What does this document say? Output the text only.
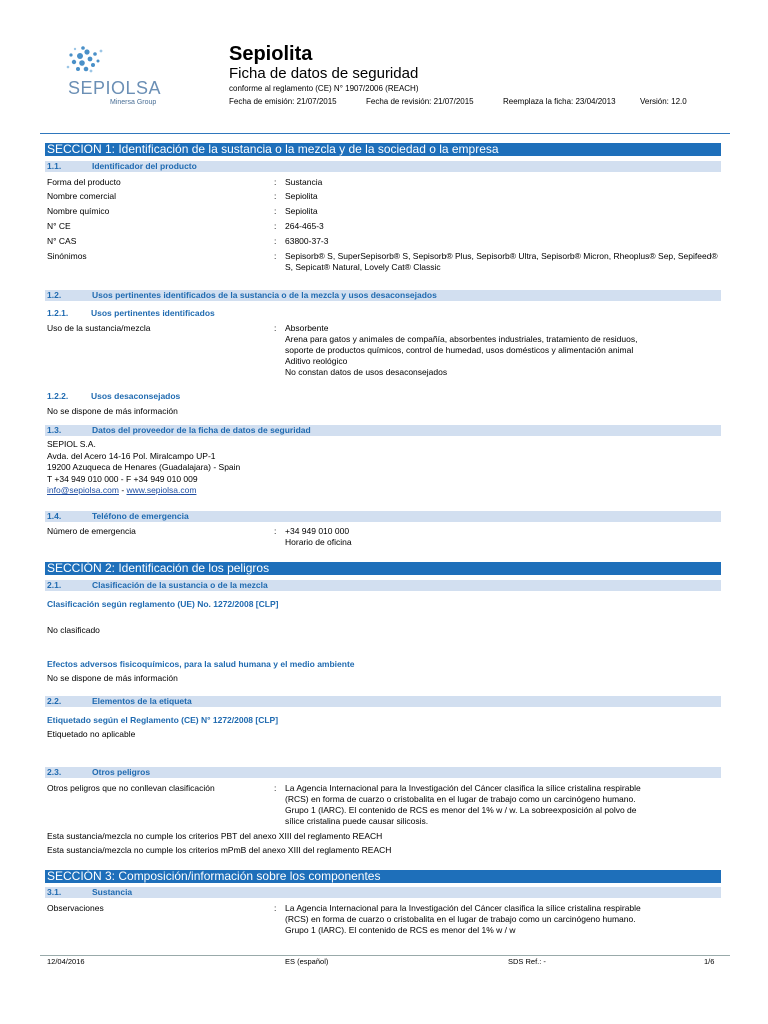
SEPIOLSA
Minersa Group
Sepiolita
Ficha de datos de seguridad
conforme al reglamento (CE) N° 1907/2006 (REACH)
Fecha de emisión: 21/07/2015	Fecha de revisión: 21/07/2015	Reemplaza la ficha: 23/04/2013	Versión: 12.0
SECCION 1: Identificación de la sustancia o la mezcla y de la sociedad o la empresa
1.1.	Identificador del producto
Forma del producto	: Sustancia
Nombre comercial	: Sepiolita
Nombre químico	: Sepiolita
N° CE	: 264-465-3
N° CAS	: 63800-37-3
Sinónimos	: Sepisorb® S, SuperSepisorb® S, Sepisorb® Plus, Sepisorb® Ultra, Sepisorb® Micron, Rheoplus® Sep, Sepifeed® S, Sepicat® Natural, Lovely Cat® Classic
1.2.	Usos pertinentes identificados de la sustancia o de la mezcla y usos desaconsejados
1.2.1.	Usos pertinentes identificados
Uso de la sustancia/mezcla	: Absorbente
Arena para gatos y animales de compañía, absorbentes industriales, tratamiento de residuos,
soporte de productos químicos, control de humedad, usos domésticos y alimentación animal
Aditivo reológico
No constan datos de usos desaconsejados
1.2.2.	Usos desaconsejados
No se dispone de más información
1.3.	Datos del proveedor de la ficha de datos de seguridad
SEPIOL S.A.
Avda. del Acero 14-16 Pol. Miralcampo UP-1
19200 Azuqueca de Henares (Guadalajara) - Spain
T +34 949 010 000 - F +34 949 010 009
info@sepiolsa.com - www.sepiolsa.com
1.4.	Teléfono de emergencia
Número de emergencia	: +34 949 010 000
Horario de oficina
SECCIÓN 2: Identificación de los peligros
2.1.	Clasificación de la sustancia o de la mezcla
Clasificación según reglamento (UE) No. 1272/2008 [CLP]
No clasificado
Efectos adversos fisicoquímicos, para la salud humana y el medio ambiente
No se dispone de más información
2.2.	Elementos de la etiqueta
Etiquetado según el Reglamento (CE) N° 1272/2008 [CLP]
Etiquetado no aplicable
2.3.	Otros peligros
Otros peligros que no conllevan clasificación	: La Agencia Internacional para la Investigación del Cáncer clasifica la sílice cristalina respirable
(RCS) en forma de cuarzo o cristobalita en el lugar de trabajo como un carcinógeno humano.
Grupo 1 (IARC). El contenido de RCS es menor del 1% w / w. La sobreexposición al polvo de
sílice cristalina puede causar silicosis.
Esta sustancia/mezcla no cumple los criterios PBT del anexo XIII del reglamento REACH
Esta sustancia/mezcla no cumple los criterios mPmB del anexo XIII del reglamento REACH
SECCIÓN 3: Composición/información sobre los componentes
3.1.	Sustancia
Observaciones	: La Agencia Internacional para la Investigación del Cáncer clasifica la sílice cristalina respirable
(RCS) en forma de cuarzo o cristobalita en el lugar de trabajo como un carcinógeno humano.
Grupo 1 (IARC). El contenido de RCS es menor del 1% w / w
12/04/2016	ES (español)	SDS Ref.: -	1/6
